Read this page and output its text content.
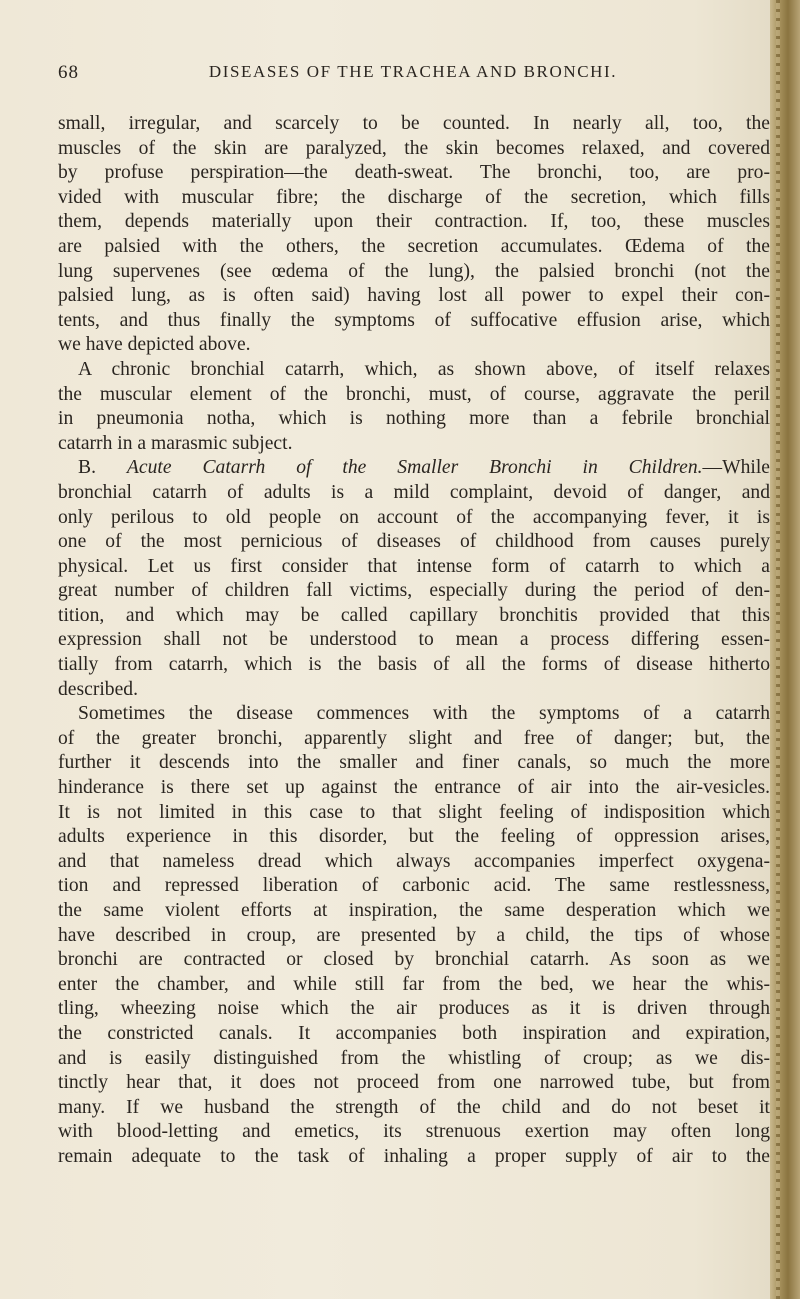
68	DISEASES OF THE TRACHEA AND BRONCHI.

small, irregular, and scarcely to be counted. In nearly all, too, the

muscles of the skin are paralyzed, the skin becomes relaxed, and covered

by profuse perspiration—the death-sweat. The bronchi, too, are pro-

vided with muscular fibre; the discharge of the secretion, which fills

them, depends materially upon their contraction. If, too, these muscles

are palsied with the others, the secretion accumulates. Œdema of the

lung supervenes (see œdema of the lung), the palsied bronchi (not the

palsied lung, as is often said) having lost all power to expel their con-

tents, and thus finally the symptoms of suffocative effusion arise, which

we have depicted above.

A chronic bronchial catarrh, which, as shown above, of itself relaxes

the muscular element of the bronchi, must, of course, aggravate the peril

in pneumonia notha, which is nothing more than a febrile bronchial

catarrh in a marasmic subject.

B. Acute Catarrh of the Smaller Bronchi in Children.—While

bronchial catarrh of adults is a mild complaint, devoid of danger, and

only perilous to old people on account of the accompanying fever, it is

one of the most pernicious of diseases of childhood from causes purely

physical. Let us first consider that intense form of catarrh to which a

great number of children fall victims, especially during the period of den-

tition, and which may be called capillary bronchitis provided that this

expression shall not be understood to mean a process differing essen-

tially from catarrh, which is the basis of all the forms of disease hitherto

described.

Sometimes the disease commences with the symptoms of a catarrh

of the greater bronchi, apparently slight and free of danger; but, the

further it descends into the smaller and finer canals, so much the more

hinderance is there set up against the entrance of air into the air-vesicles.

It is not limited in this case to that slight feeling of indisposition which

adults experience in this disorder, but the feeling of oppression arises,

and that nameless dread which always accompanies imperfect oxygena-

tion and repressed liberation of carbonic acid. The same restlessness,

the same violent efforts at inspiration, the same desperation which we

have described in croup, are presented by a child, the tips of whose

bronchi are contracted or closed by bronchial catarrh. As soon as we

enter the chamber, and while still far from the bed, we hear the whis-

tling, wheezing noise which the air produces as it is driven through

the constricted canals. It accompanies both inspiration and expiration,

and is easily distinguished from the whistling of croup; as we dis-

tinctly hear that, it does not proceed from one narrowed tube, but from

many. If we husband the strength of the child and do not beset it

with blood-letting and emetics, its strenuous exertion may often long

remain adequate to the task of inhaling a proper supply of air to the
